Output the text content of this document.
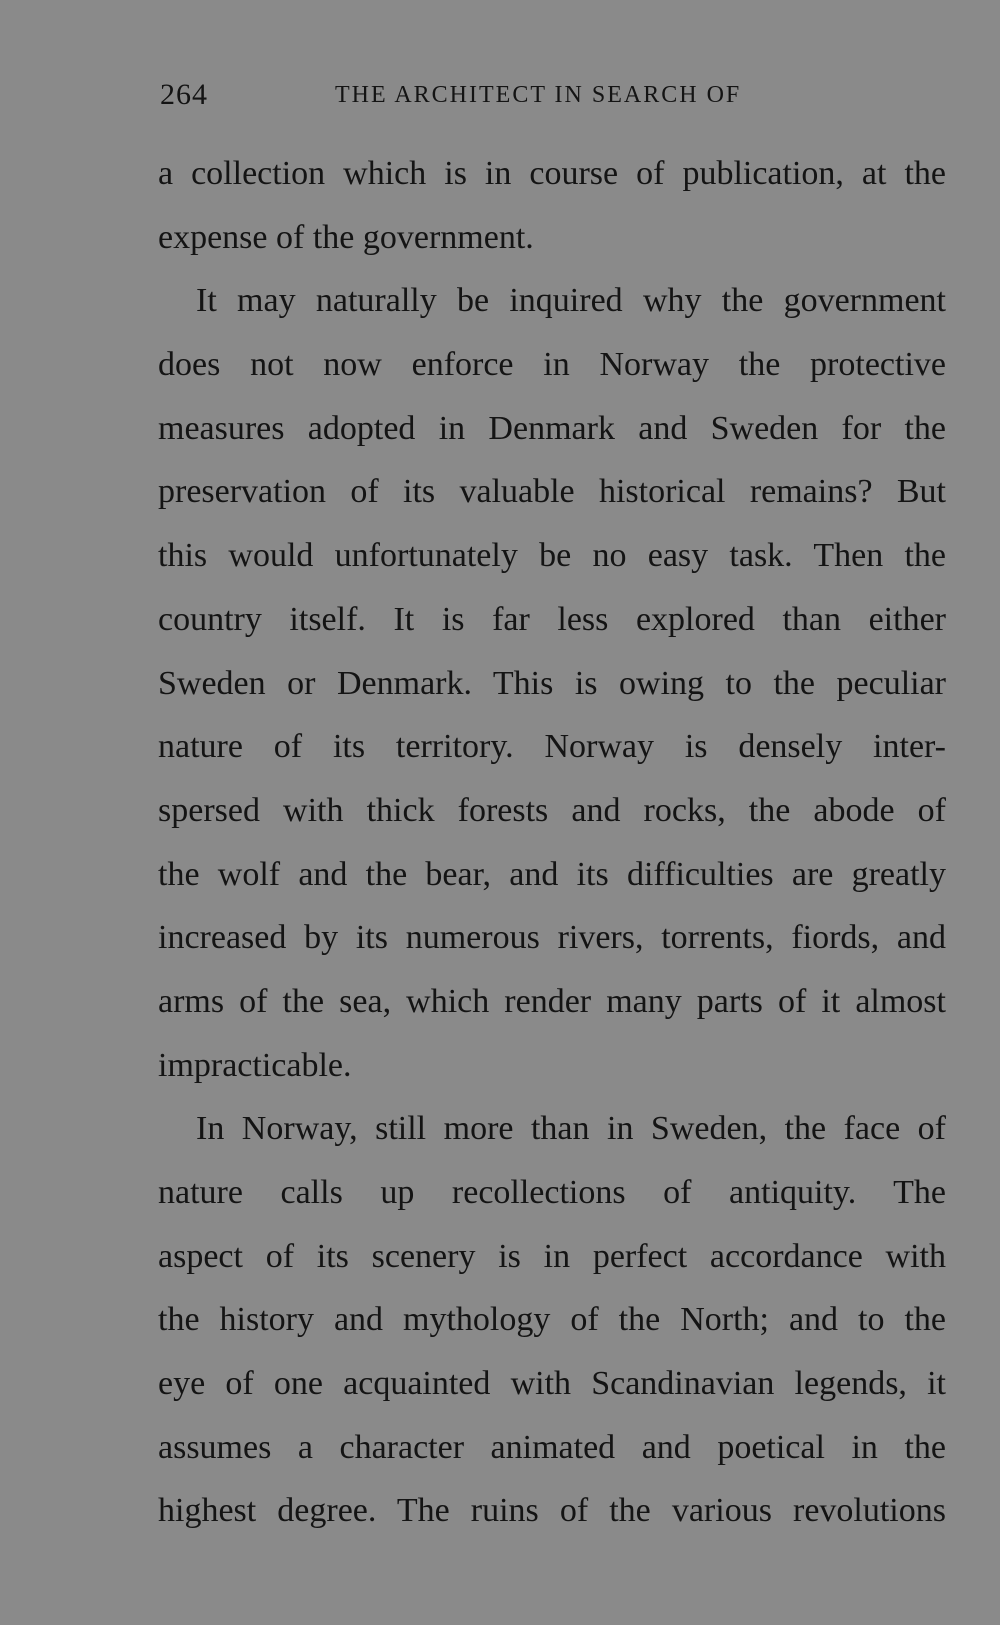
264	THE ARCHITECT IN SEARCH OF
a collection which is in course of publication, at the
expense of the government.
It may naturally be inquired why the government
does not now enforce in Norway the protective
measures adopted in Denmark and Sweden for the
preservation of its valuable historical remains? But
this would unfortunately be no easy task. Then the
country itself. It is far less explored than either
Sweden or Denmark. This is owing to the peculiar
nature of its territory. Norway is densely inter-
spersed with thick forests and rocks, the abode of
the wolf and the bear, and its difficulties are greatly
increased by its numerous rivers, torrents, fiords, and
arms of the sea, which render many parts of it almost
impracticable.
In Norway, still more than in Sweden, the face of
nature calls up recollections of antiquity. The
aspect of its scenery is in perfect accordance with
the history and mythology of the North; and to the
eye of one acquainted with Scandinavian legends, it
assumes a character animated and poetical in the
highest degree. The ruins of the various revolutions
